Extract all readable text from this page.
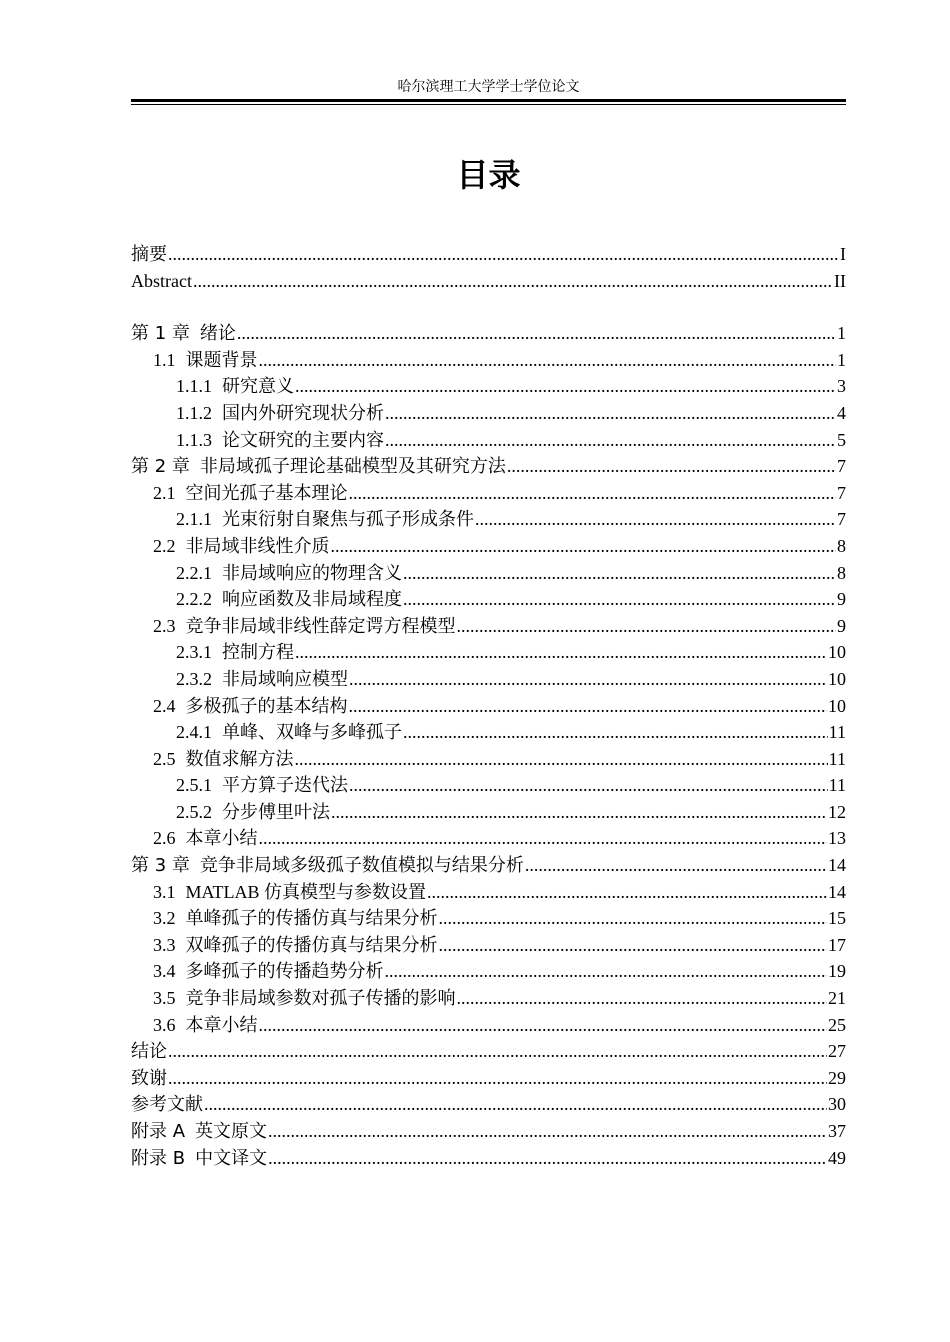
哈尔滨理工大学学士学位论文
目录
摘要 .....	I
Abstract .....	II
第 1 章 绪论 .....	1
1.1 课题背景 .....	1
1.1.1 研究意义 .....	3
1.1.2 国内外研究现状分析 .....	4
1.1.3 论文研究的主要内容 .....	5
第 2 章 非局域孤子理论基础模型及其研究方法 .....	7
2.1 空间光孤子基本理论 .....	7
2.1.1 光束衍射自聚焦与孤子形成条件 .....	7
2.2 非局域非线性介质 .....	8
2.2.1 非局域响应的物理含义 .....	8
2.2.2 响应函数及非局域程度 .....	9
2.3 竞争非局域非线性薛定谔方程模型 .....	9
2.3.1 控制方程 .....	10
2.3.2 非局域响应模型 .....	10
2.4 多极孤子的基本结构 .....	10
2.4.1 单峰、双峰与多峰孤子 .....	11
2.5 数值求解方法 .....	11
2.5.1 平方算子迭代法 .....	11
2.5.2 分步傅里叶法 .....	12
2.6 本章小结 .....	13
第 3 章 竞争非局域多级孤子数值模拟与结果分析 .....	14
3.1 MATLAB 仿真模型与参数设置 .....	14
3.2 单峰孤子的传播仿真与结果分析 .....	15
3.3 双峰孤子的传播仿真与结果分析 .....	17
3.4 多峰孤子的传播趋势分析 .....	19
3.5 竞争非局域参数对孤子传播的影响 .....	21
3.6 本章小结 .....	25
结论 .....	27
致谢 .....	29
参考文献 .....	30
附录 A 英文原文 .....	37
附录 B 中文译文 .....	49
